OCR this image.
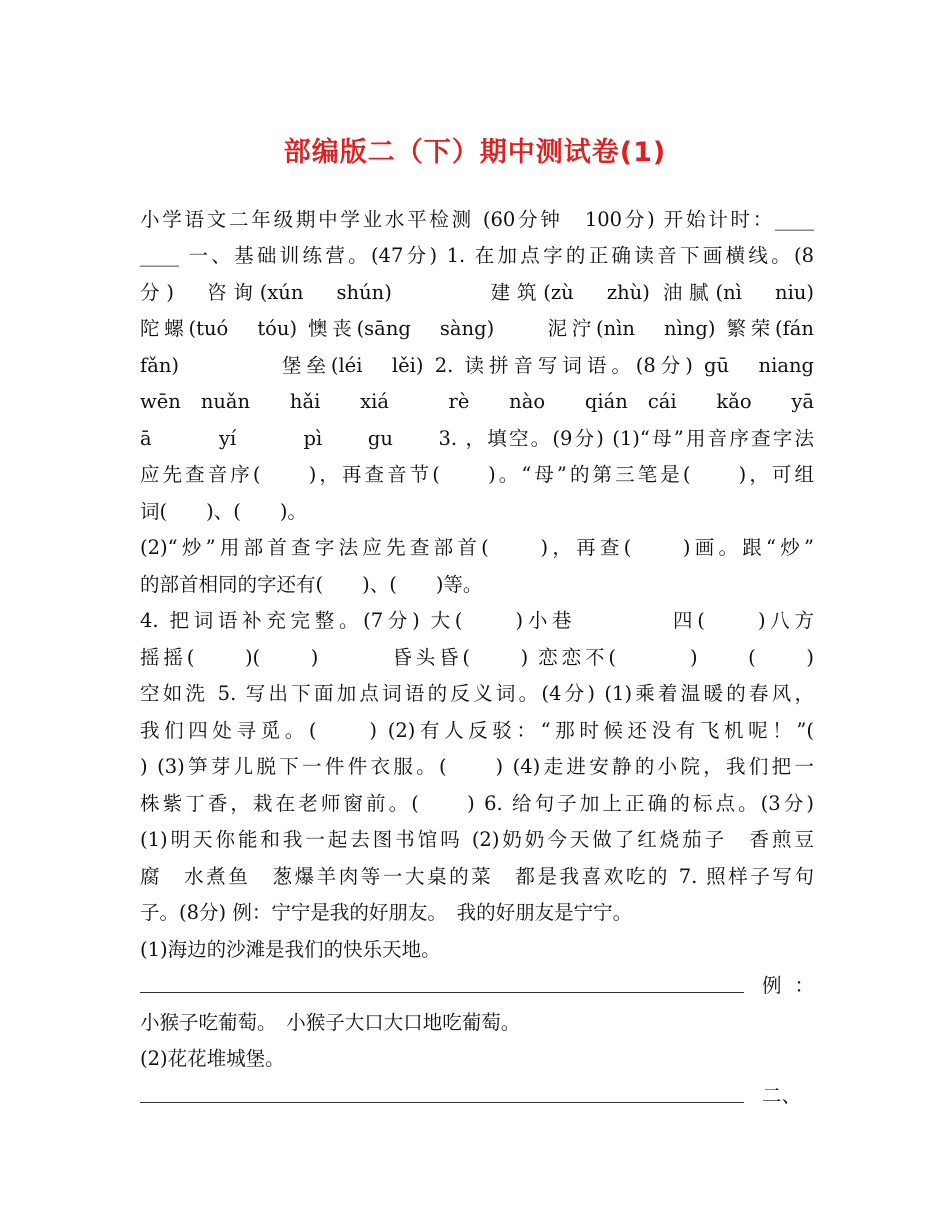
部编版二（下）期中测试卷(1)
小学语文二年级期中学业水平检测 (60分钟　100分) 开始计时：____
____ 一、基础训练营。(47分) 1. 在加点字的正确读音下画横线。(8
分)　咨询(xún　shún)　　　 建筑(zù　zhù) 油腻(nì　niu)
陀螺(tuó　tóu) 懊丧(sāng　sàng)　　泥泞(nìn　nìng) 繁荣(fán
fǎn)　　　　堡垒(léi　lěi) 2. 读拼音写词语。(8分) gū　niang
wēn　nuǎn　　hǎi　　xiá　　　rè　　nào　　qián　cái　　kǎo　　yā
ā　　　yí　　　pì　　gu　　3. ，填空。(9分) (1)“母”用音序查字法
应先查音序(　　)，再查音节(　　)。“母”的第三笔是(　　)，可组
词(　　)、(　　)。
(2)“炒”用部首查字法应先查部首(　　)，再查(　　)画。跟“炒”
的部首相同的字还有(　　)、(　　)等。
4. 把词语补充完整。(7分) 大(　　)小巷　　　　四(　　)八方
摇摇(　　)(　　)　　　昏头昏(　　) 恋恋不(　　　)　　(　　)
空如洗 5. 写出下面加点词语的反义词。(4分) (1)乘着温暖的春风，
我们四处寻觅。(　　) (2)有人反驳：“那时候还没有飞机呢！”(
) (3)笋芽儿脱下一件件衣服。(　　) (4)走进安静的小院，我们把一
株紫丁香，栽在老师窗前。(　　) 6. 给句子加上正确的标点。(3分)
(1)明天你能和我一起去图书馆吗 (2)奶奶今天做了红烧茄子　香煎豆
腐　水煮鱼　葱爆羊肉等一大桌的菜　都是我喜欢吃的 7. 照样子写句
子。(8分) 例：宁宁是我的好朋友。　我的好朋友是宁宁。
(1)海边的沙滩是我们的快乐天地。
例：
小猴子吃葡萄。　小猴子大口大口地吃葡萄。
(2)花花堆城堡。
二、
